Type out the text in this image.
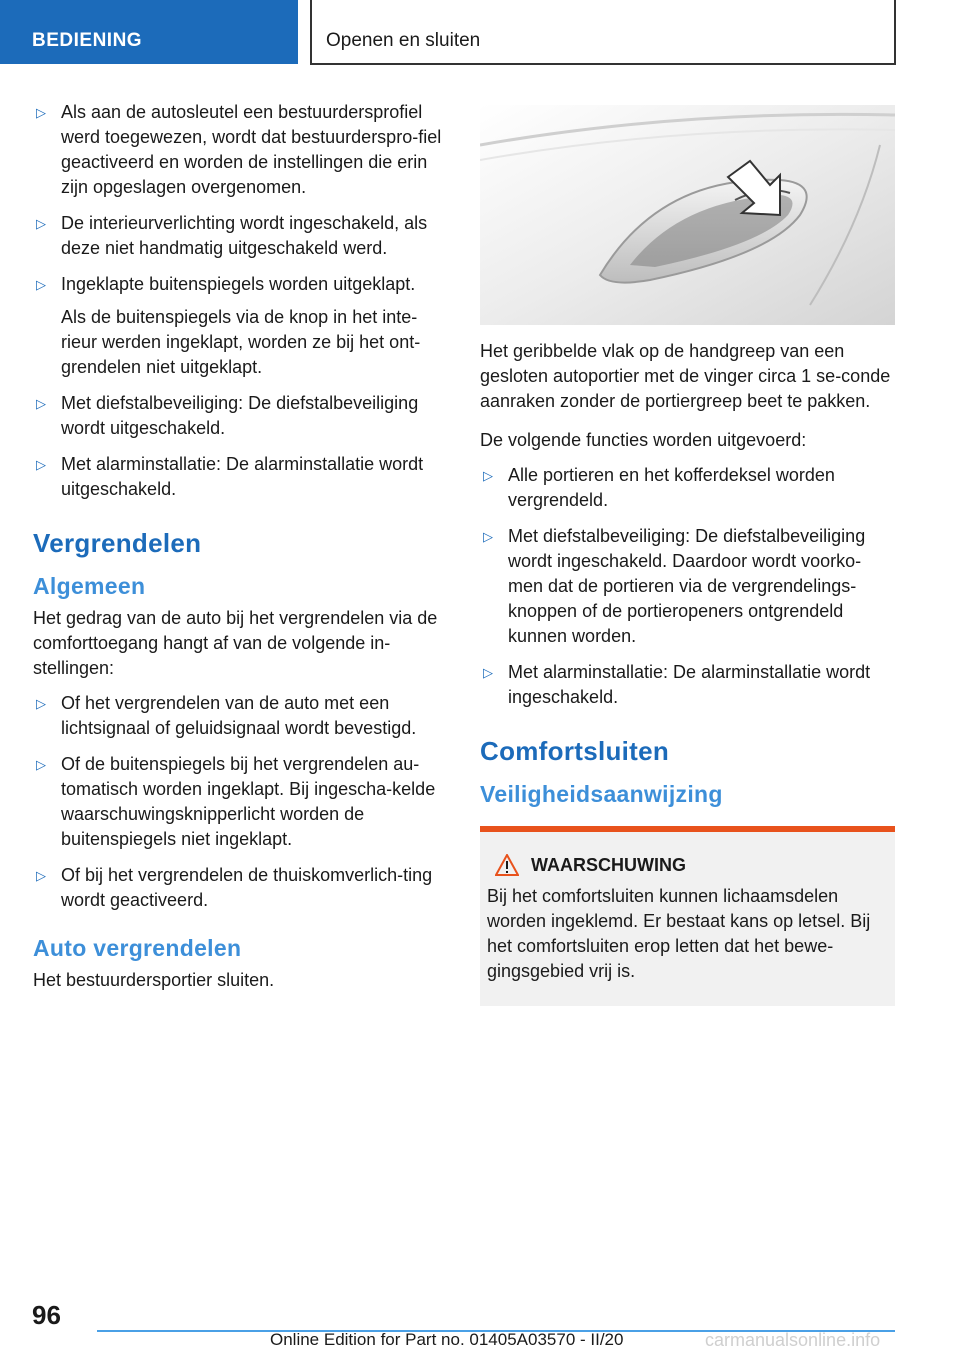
BEDIENING	Openen en sluiten
▷ Als aan de autosleutel een bestuurdersprofiel werd toegewezen, wordt dat bestuurderspro-fiel geactiveerd en worden de instellingen die erin zijn opgeslagen overgenomen.
▷ De interieurverlichting wordt ingeschakeld, als deze niet handmatig uitgeschakeld werd.
▷ Ingeklapte buitenspiegels worden uitgeklapt.
Als de buitenspiegels via de knop in het inte-rieur werden ingeklapt, worden ze bij het ont-grendelen niet uitgeklapt.
▷ Met diefstalbeveiliging: De diefstalbeveiliging wordt uitgeschakeld.
▷ Met alarminstallatie: De alarminstallatie wordt uitgeschakeld.
Vergrendelen
Algemeen

Het gedrag van de auto bij het vergrendelen via de comforttoegang hangt af van de volgende in-stellingen:

▷ Of het vergrendelen van de auto met een lichtsignaal of geluidsignaal wordt bevestigd.
▷ Of de buitenspiegels bij het vergrendelen au-tomatisch worden ingeklapt. Bij ingescha-kelde waarschuwingsknipperlicht worden de buitenspiegels niet ingeklapt.
▷ Of bij het vergrendelen de thuiskomverlich-ting wordt geactiveerd.
Auto vergrendelen

Het bestuurdersportier sluiten.

Het geribbelde vlak op de handgreep van een gesloten autoportier met de vinger circa 1 se-conde aanraken zonder de portiergreep beet te pakken.

De volgende functies worden uitgevoerd:

▷ Alle portieren en het kofferdeksel worden vergrendeld.
▷ Met diefstalbeveiliging: De diefstalbeveiliging wordt ingeschakeld. Daardoor wordt voorko-men dat de portieren via de vergrendelings-knoppen of de portieropeners ontgrendeld kunnen worden.
▷ Met alarminstallatie: De alarminstallatie wordt ingeschakeld.
Comfortsluiten
Veiligheidsaanwijzing
WAARSCHUWING

Bij het comfortsluiten kunnen lichaamsdelen worden ingeklemd. Er bestaat kans op letsel. Bij het comfortsluiten erop letten dat het bewe-gingsgebied vrij is.

96
Online Edition for Part no. 01405A03570 - II/20	carmanualsonline.info
